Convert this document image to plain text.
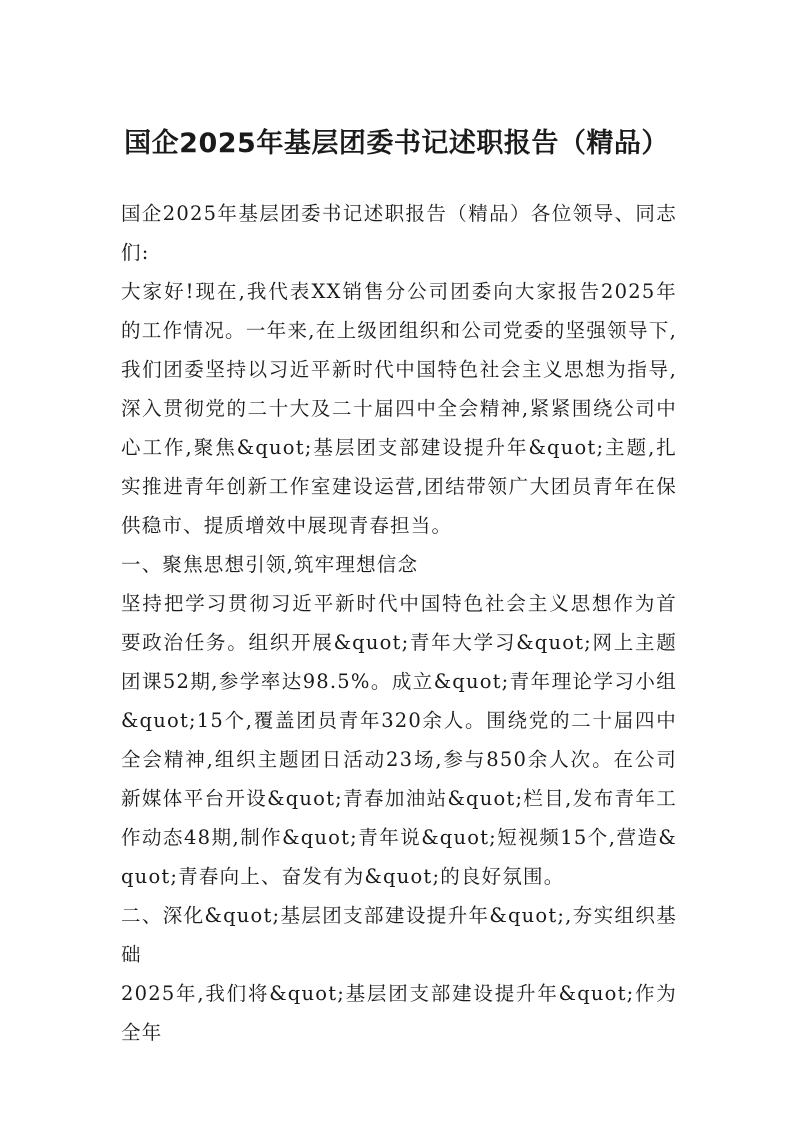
国企2025年基层团委书记述职报告（精品）

国企2025年基层团委书记述职报告（精品）各位领导、同志们:

大家好!现在,我代表XX销售分公司团委向大家报告2025年的工作情况。一年来,在上级团组织和公司党委的坚强领导下,我们团委坚持以习近平新时代中国特色社会主义思想为指导,深入贯彻党的二十大及二十届四中全会精神,紧紧围绕公司中心工作,聚焦&quot;基层团支部建设提升年&quot;主题,扎实推进青年创新工作室建设运营,团结带领广大团员青年在保供稳市、提质增效中展现青春担当。

一、聚焦思想引领,筑牢理想信念

坚持把学习贯彻习近平新时代中国特色社会主义思想作为首要政治任务。组织开展&quot;青年大学习&quot;网上主题团课52期,参学率达98.5%。成立&quot;青年理论学习小组&quot;15个,覆盖团员青年320余人。围绕党的二十届四中全会精神,组织主题团日活动23场,参与850余人次。在公司新媒体平台开设&quot;青春加油站&quot;栏目,发布青年工作动态48期,制作&quot;青年说&quot;短视频15个,营造&quot;青春向上、奋发有为&quot;的良好氛围。

二、深化&quot;基层团支部建设提升年&quot;,夯实组织基础

2025年,我们将&quot;基层团支部建设提升年&quot;作为全年
